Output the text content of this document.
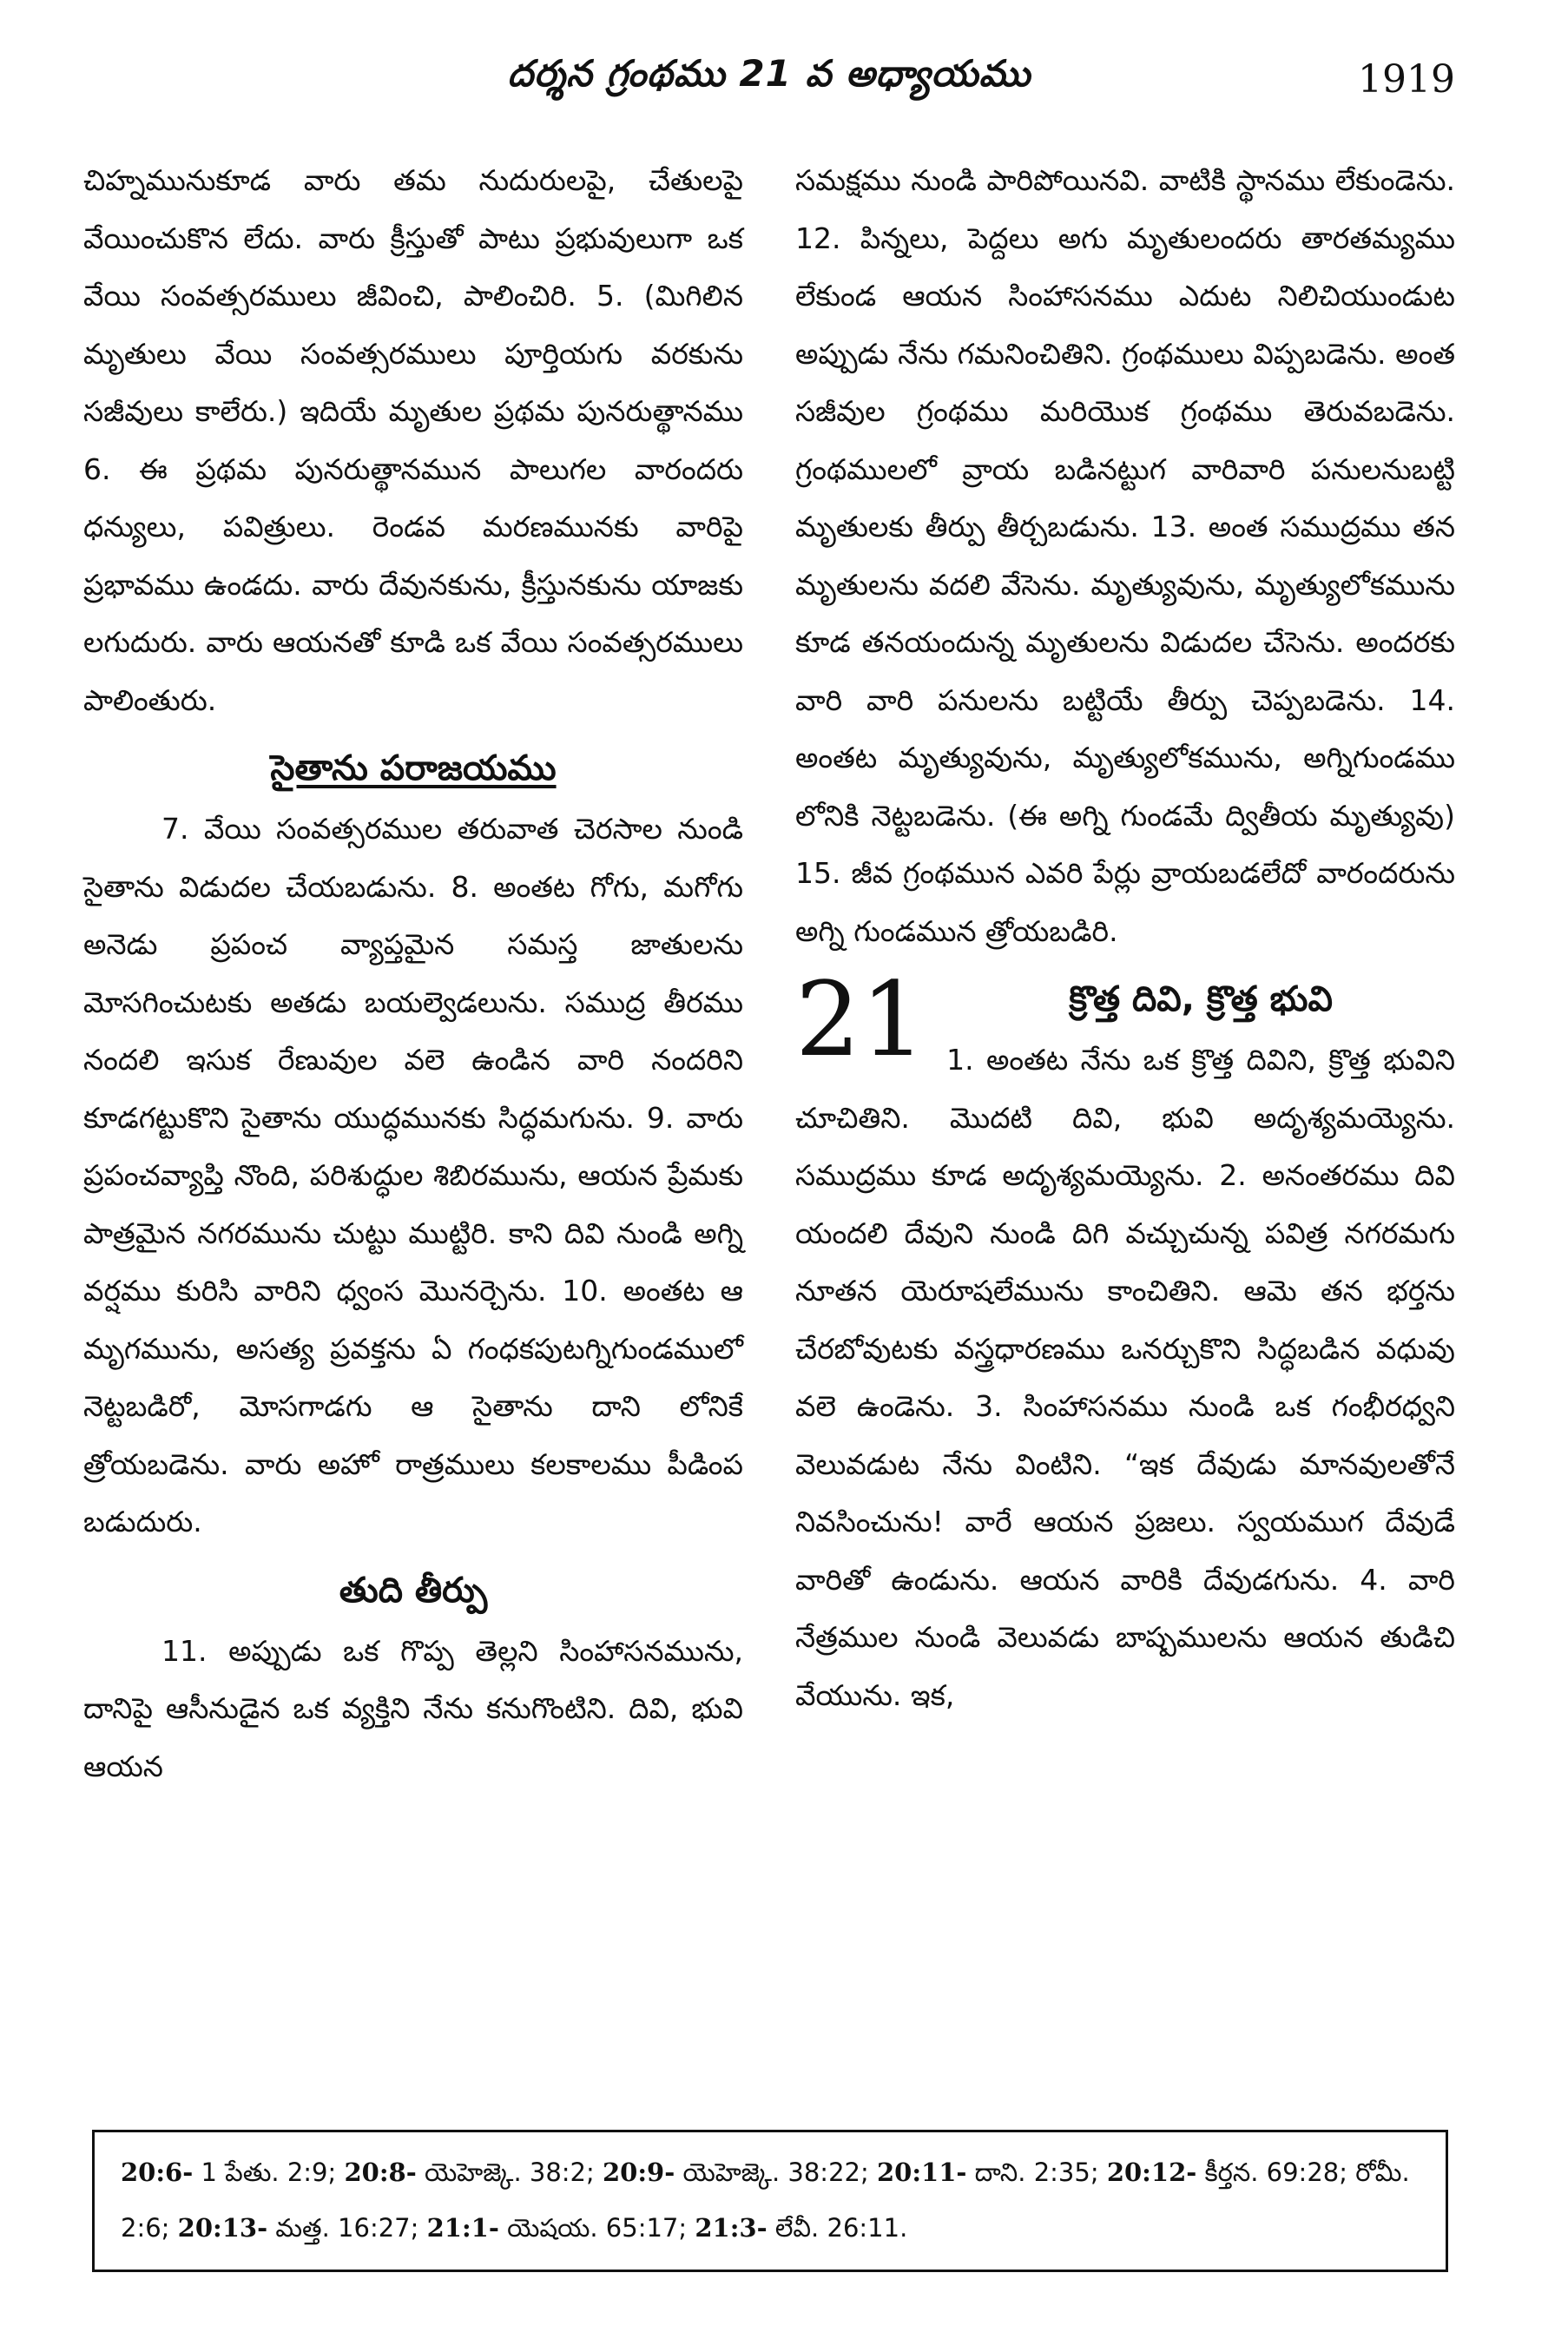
దర్శన గ్రంథము 21 వ అధ్యాయము	1919

చిహ్నమునుకూడ వారు తమ నుదురులపై, చేతులపై వేయించుకొన లేదు. వారు క్రీస్తుతో పాటు ప్రభువులుగా ఒక వేయి సంవత్సరములు జీవించి, పాలించిరి. 5. (మిగిలిన మృతులు వేయి సంవత్సరములు పూర్తియగు వరకును సజీవులు కాలేరు.) ఇదియే మృతుల ప్రథమ పునరుత్థానము 6. ఈ ప్రథమ పునరుత్థానమున పాలుగల వారందరు ధన్యులు, పవిత్రులు. రెండవ మరణమునకు వారిపై ప్రభావము ఉండదు. వారు దేవునకును, క్రీస్తునకును యాజకు లగుదురు. వారు ఆయనతో కూడి ఒక వేయి సంవత్సరములు పాలింతురు.

సైతాను పరాజయము

7. వేయి సంవత్సరముల తరువాత చెరసాల నుండి సైతాను విడుదల చేయబడును. 8. అంతట గోగు, మగోగు అనెడు ప్రపంచ వ్యాప్తమైన సమస్త జాతులను మోసగించుటకు అతడు బయల్వెడలును. సముద్ర తీరము నందలి ఇసుక రేణువుల వలె ఉండిన వారి నందరిని కూడగట్టుకొని సైతాను యుద్ధమునకు సిద్ధమగును. 9. వారు ప్రపంచవ్యాప్తి నొంది, పరిశుద్ధుల శిబిరమును, ఆయన ప్రేమకు పాత్రమైన నగరమును చుట్టు ముట్టిరి. కాని దివి నుండి అగ్ని వర్షము కురిసి వారిని ధ్వంస మొనర్చెను. 10. అంతట ఆ మృగమును, అసత్య ప్రవక్తను ఏ గంధకపుటగ్నిగుండములో నెట్టబడిరో, మోసగాడగు ఆ సైతాను దాని లోనికే త్రోయబడెను. వారు అహో రాత్రములు కలకాలము పీడింప బడుదురు.

తుది తీర్పు

11. అప్పుడు ఒక గొప్ప తెల్లని సింహాసనమును, దానిపై ఆసీనుడైన ఒక వ్యక్తిని నేను కనుగొంటిని. దివి, భువి ఆయన

సమక్షము నుండి పారిపోయినవి. వాటికి స్థానము లేకుండెను. 12. పిన్నలు, పెద్దలు అగు మృతులందరు తారతమ్యము లేకుండ ఆయన సింహాసనము ఎదుట నిలిచియుండుట అప్పుడు నేను గమనించితిని. గ్రంథములు విప్పబడెను. అంత సజీవుల గ్రంథము మరియొక గ్రంథము తెరువబడెను. గ్రంథములలో వ్రాయ బడినట్టుగ వారివారి పనులనుబట్టి మృతులకు తీర్పు తీర్చబడును. 13. అంత సముద్రము తన మృతులను వదలి వేసెను. మృత్యువును, మృత్యులోకమును కూడ తనయందున్న మృతులను విడుదల చేసెను. అందరకు వారి వారి పనులను బట్టియే తీర్పు చెప్పబడెను. 14. అంతట మృత్యువును, మృత్యులోకమును, అగ్నిగుండము లోనికి నెట్టబడెను. (ఈ అగ్ని గుండమే ద్వితీయ మృత్యువు) 15. జీవ గ్రంథమున ఎవరి పేర్లు వ్రాయబడలేదో వారందరును అగ్ని గుండమున త్రోయబడిరి.

21	క్రొత్త దివి, క్రొత్త భువి

1. అంతట నేను ఒక క్రొత్త దివిని, క్రొత్త భువిని చూచితిని. మొదటి దివి, భువి అదృశ్యమయ్యెను. సముద్రము కూడ అదృశ్యమయ్యెను. 2. అనంతరము దివి యందలి దేవుని నుండి దిగి వచ్చుచున్న పవిత్ర నగరమగు నూతన యెరూషలేమును కాంచితిని. ఆమె తన భర్తను చేరబోవుటకు వస్త్రధారణము ఒనర్చుకొని సిద్ధబడిన వధువు వలె ఉండెను. 3. సింహాసనము నుండి ఒక గంభీరధ్వని వెలువడుట నేను వింటిని. “ఇక దేవుడు మానవులతోనే నివసించును! వారే ఆయన ప్రజలు. స్వయముగ దేవుడే వారితో ఉండును. ఆయన వారికి దేవుడగును. 4. వారి నేత్రముల నుండి వెలువడు బాష్పములను ఆయన తుడిచి వేయును. ఇక,

20:6- 1 పేతు. 2:9; 20:8- యెహెజ్కె. 38:2; 20:9- యెహెజ్కె. 38:22; 20:11- దాని. 2:35; 20:12- కీర్తన. 69:28; రోమీ. 2:6; 20:13- మత్త. 16:27; 21:1- యెషయ. 65:17; 21:3- లేవీ. 26:11.
